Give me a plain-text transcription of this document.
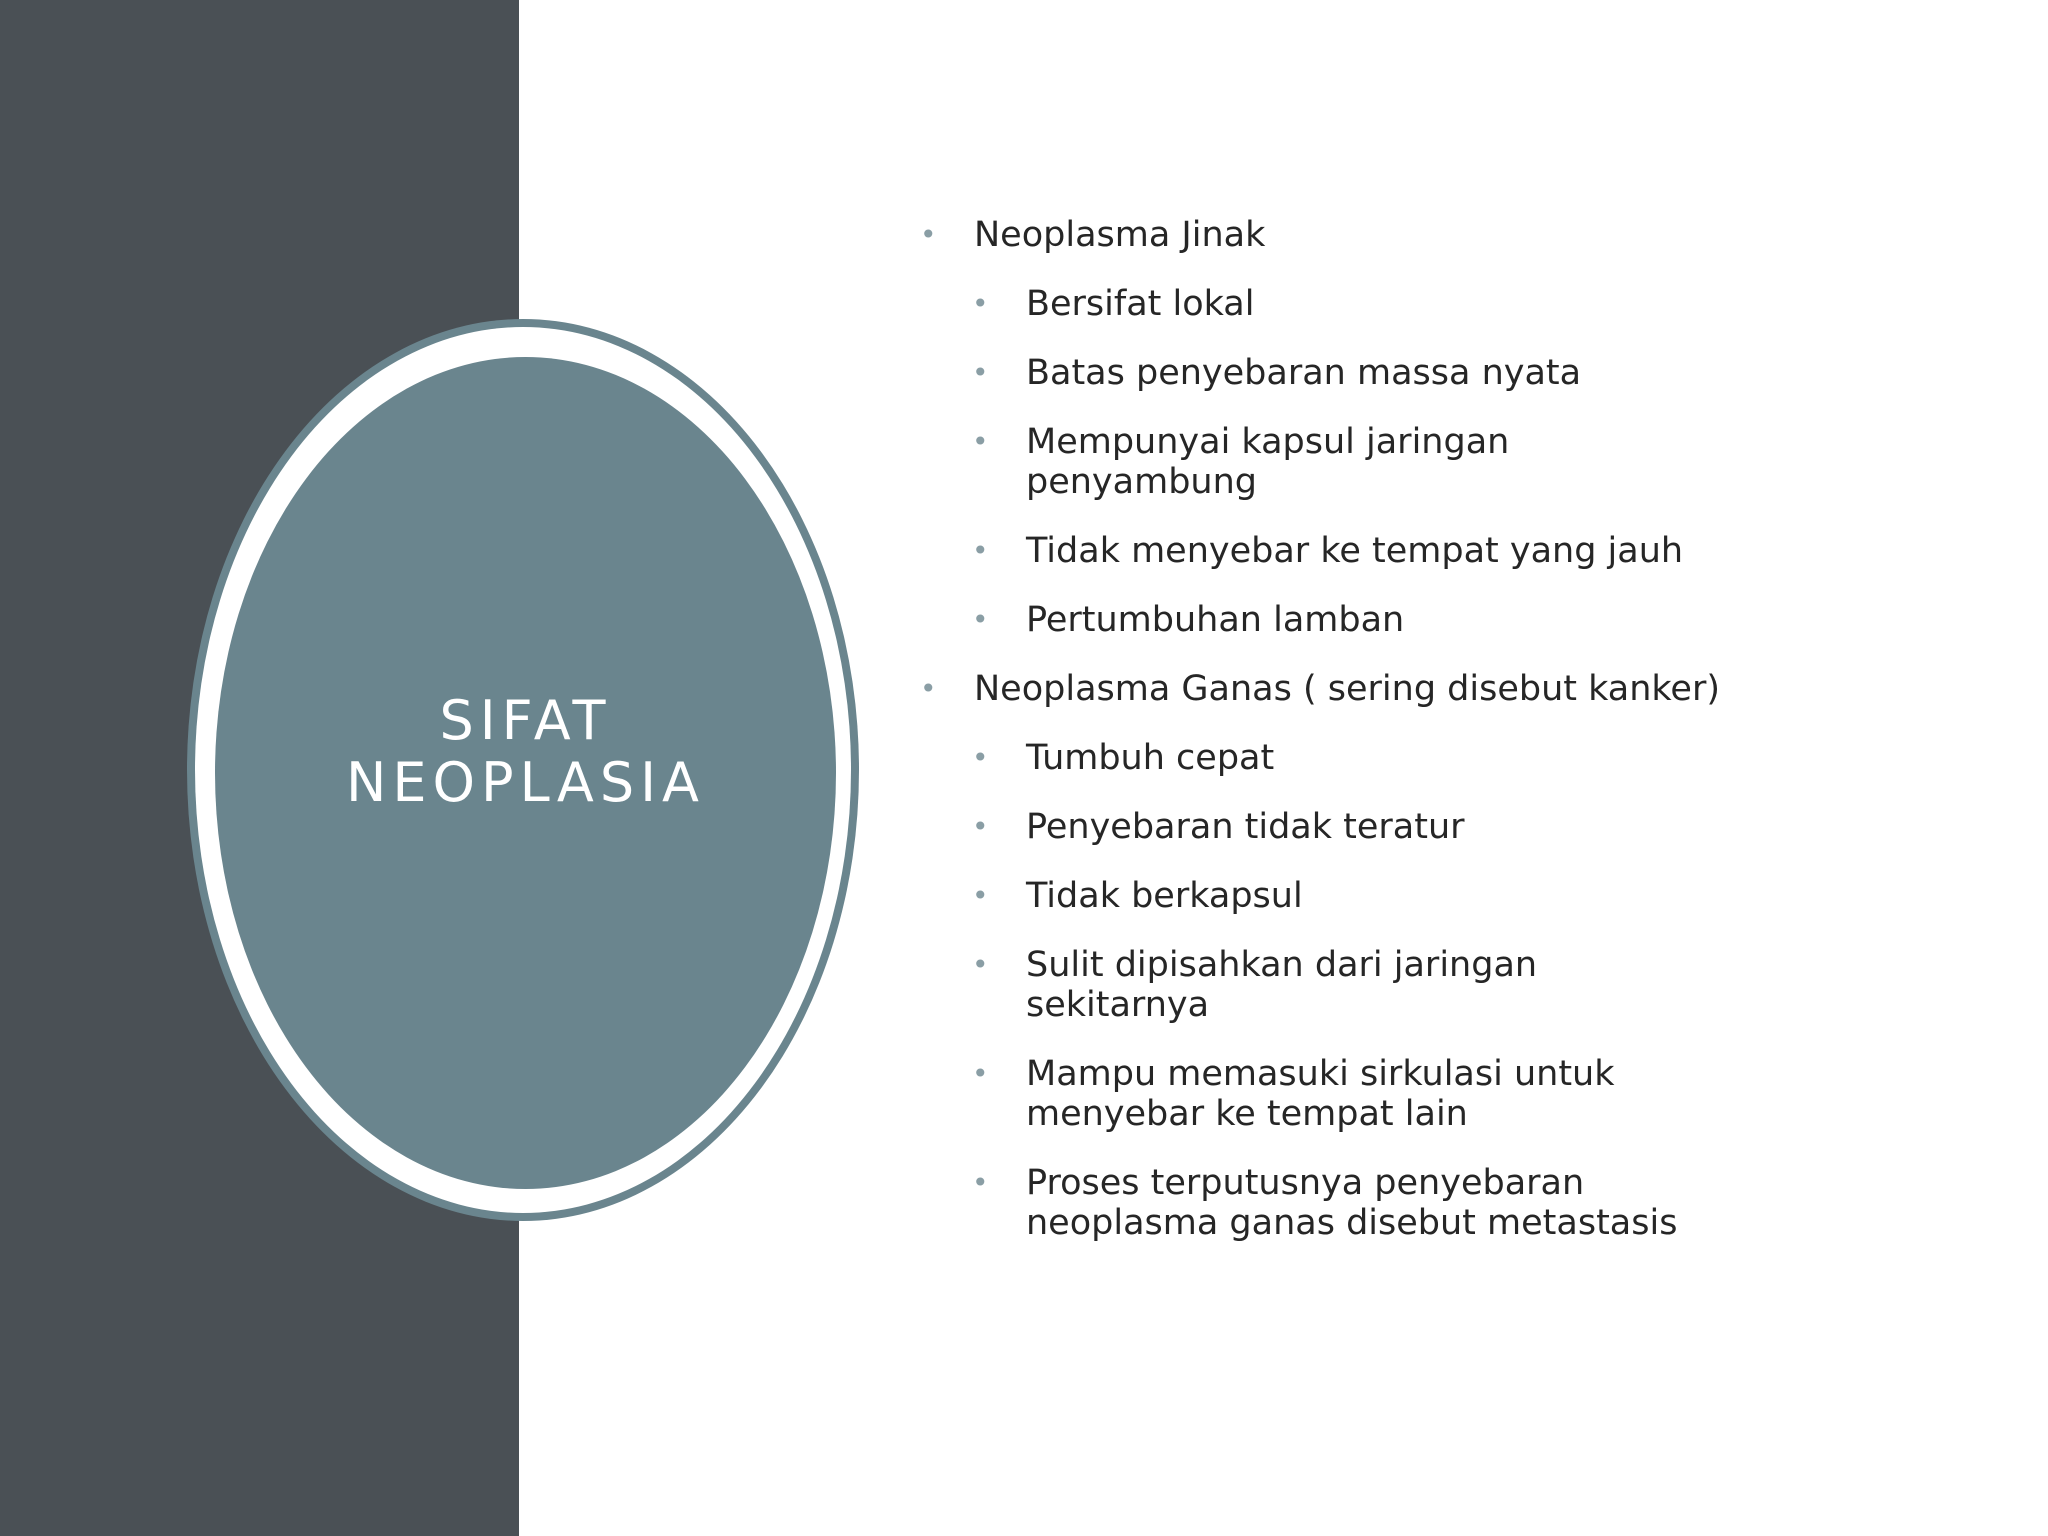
SIFAT
NEOPLASIA
• Neoplasma Jinak
• Bersifat lokal
• Batas penyebaran massa nyata
• Mempunyai kapsul jaringan penyambung
• Tidak menyebar ke tempat yang jauh
• Pertumbuhan lamban
• Neoplasma Ganas ( sering disebut kanker)
• Tumbuh cepat
• Penyebaran tidak teratur
• Tidak berkapsul
• Sulit dipisahkan dari jaringan sekitarnya
• Mampu memasuki sirkulasi untuk menyebar ke tempat lain
• Proses terputusnya penyebaran neoplasma ganas disebut metastasis
